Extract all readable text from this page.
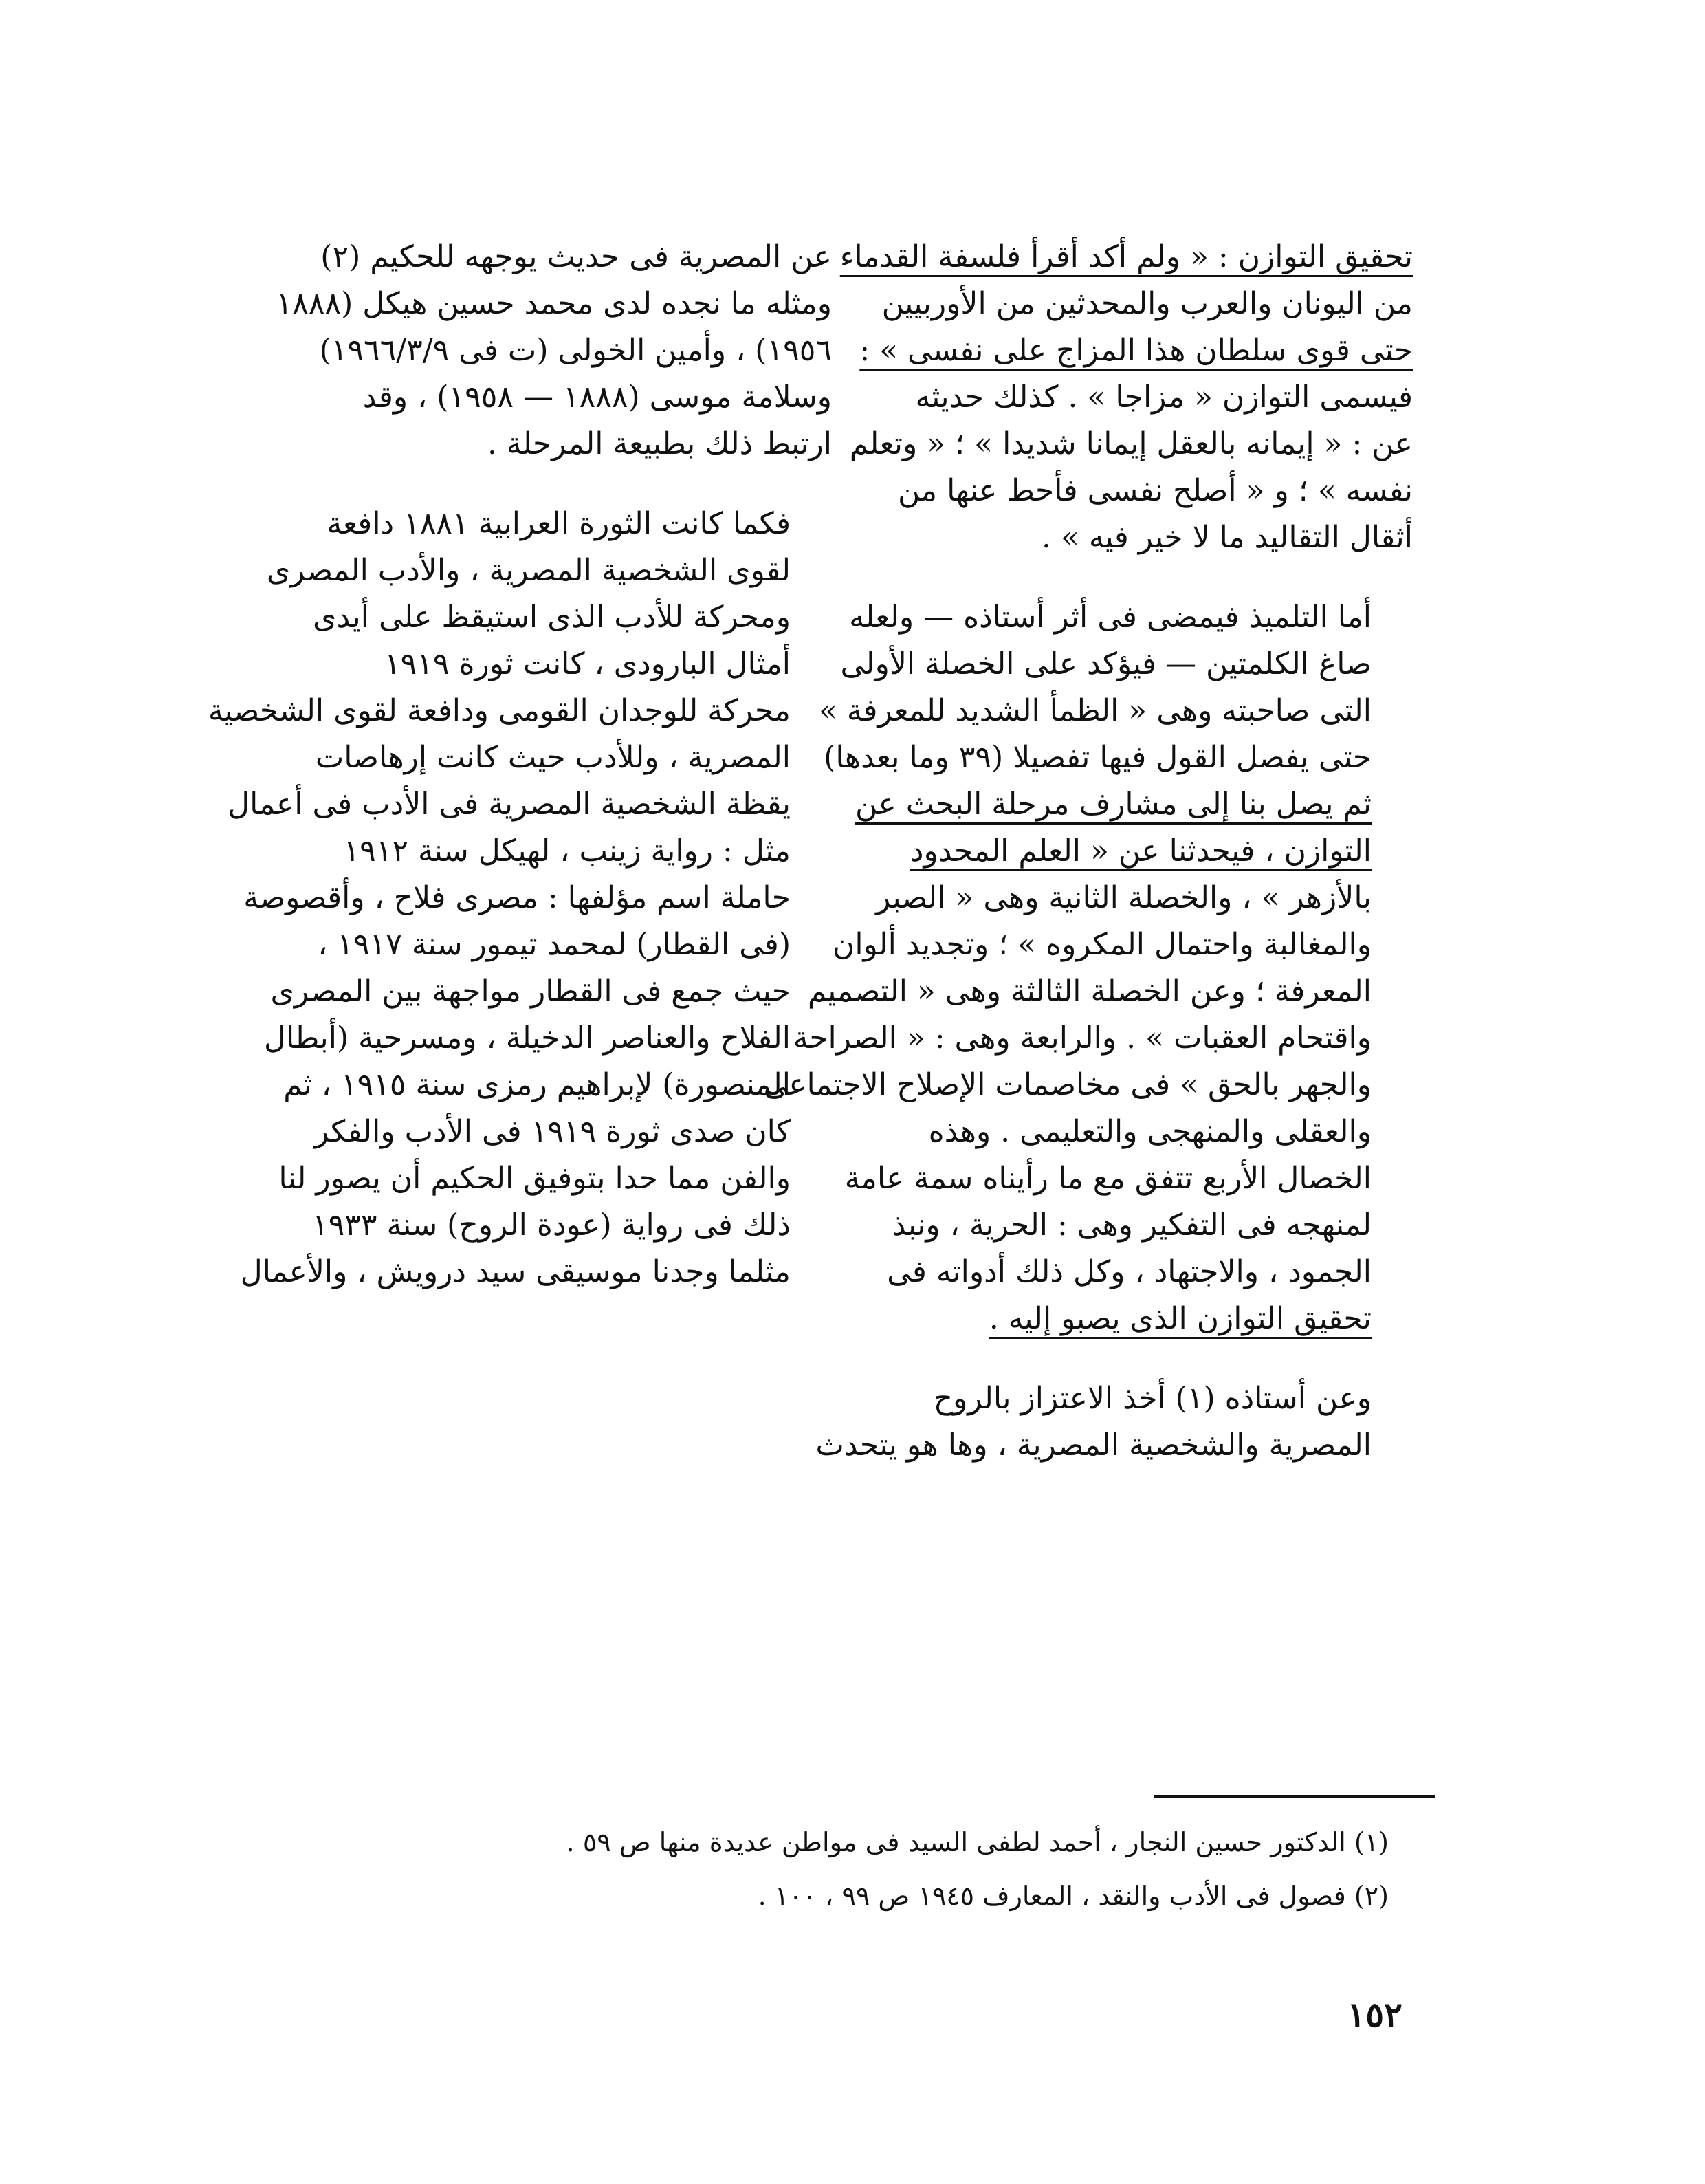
تحقيق التوازن : « ولم أكد أقرأ فلسفة القدماء
من اليونان والعرب والمحدثين من الأوربيين
حتى قوى سلطان هذا المزاج على نفسى » :
فيسمى التوازن « مزاجا » . كذلك حديثه
عن : « إيمانه بالعقل إيمانا شديدا » ؛ « وتعلم
نفسه » ؛ و « أصلح نفسى فأحط عنها من
أثقال التقاليد ما لا خير فيه » .

أما التلميذ فيمضى فى أثر أستاذه — ولعله
صاغ الكلمتين — فيؤكد على الخصلة الأولى
التى صاحبته وهى « الظمأ الشديد للمعرفة »
حتى يفصل القول فيها تفصيلا (٣٩ وما بعدها)
ثم يصل بنا إلى مشارف مرحلة البحث عن
التوازن ، فيحدثنا عن « العلم المحدود
بالأزهر » ، والخصلة الثانية وهى « الصبر
والمغالبة واحتمال المكروه » ؛ وتجديد ألوان
المعرفة ؛ وعن الخصلة الثالثة وهى « التصميم
واقتحام العقبات » . والرابعة وهى : « الصراحة
والجهر بالحق » فى مخاصمات الإصلاح الاجتماعى
والعقلى والمنهجى والتعليمى . وهذه
الخصال الأربع تتفق مع ما رأيناه سمة عامة
لمنهجه فى التفكير وهى : الحرية ، ونبذ
الجمود ، والاجتهاد ، وكل ذلك أدواته فى
تحقيق التوازن الذى يصبو إليه .

وعن أستاذه (١) أخذ الاعتزاز بالروح
المصرية والشخصية المصرية ، وها هو يتحدث

عن المصرية فى حديث يوجهه للحكيم (٢)
ومثله ما نجده لدى محمد حسين هيكل (١٨٨٨
١٩٥٦) ، وأمين الخولى (ت فى ١٩٦٦/٣/٩)
وسلامة موسى (١٨٨٨ — ١٩٥٨) ، وقد
ارتبط ذلك بطبيعة المرحلة .

فكما كانت الثورة العرابية ١٨٨١ دافعة
لقوى الشخصية المصرية ، والأدب المصرى
ومحركة للأدب الذى استيقظ على أيدى
أمثال البارودى ، كانت ثورة ١٩١٩
محركة للوجدان القومى ودافعة لقوى الشخصية
المصرية ، وللأدب حيث كانت إرهاصات
يقظة الشخصية المصرية فى الأدب فى أعمال
مثل : رواية زينب ، لهيكل سنة ١٩١٢
حاملة اسم مؤلفها : مصرى فلاح ، وأقصوصة
(فى القطار) لمحمد تيمور سنة ١٩١٧ ،
حيث جمع فى القطار مواجهة بين المصرى
الفلاح والعناصر الدخيلة ، ومسرحية (أبطال
المنصورة) لإبراهيم رمزى سنة ١٩١٥ ، ثم
كان صدى ثورة ١٩١٩ فى الأدب والفكر
والفن مما حدا بتوفيق الحكيم أن يصور لنا
ذلك فى رواية (عودة الروح) سنة ١٩٣٣
مثلما وجدنا موسيقى سيد درويش ، والأعمال

(١) الدكتور حسين النجار ، أحمد لطفى السيد فى مواطن عديدة منها ص ٥٩ .
(٢) فصول فى الأدب والنقد ، المعارف ١٩٤٥ ص ٩٩ ، ١٠٠ .
١٥٢
